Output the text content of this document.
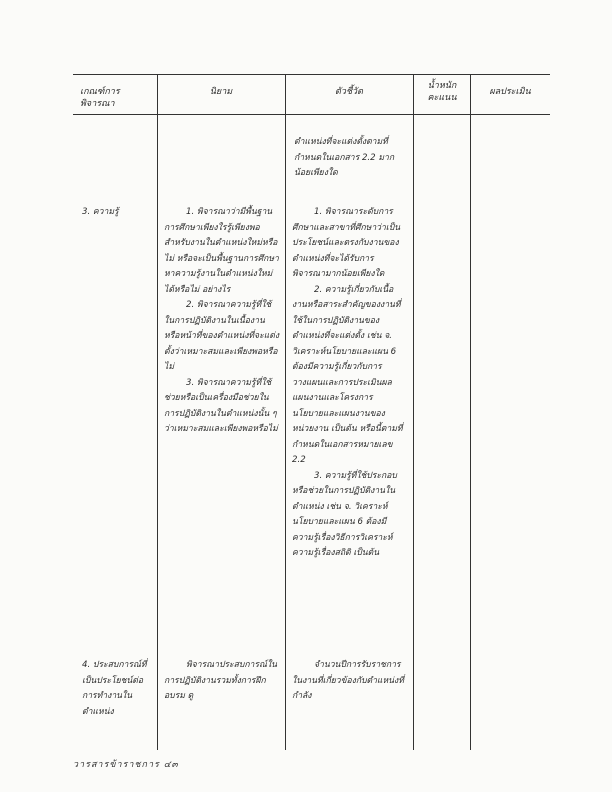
เกณฑ์การพิจารณา
นิยาม	ตัวชี้วัด
น้ำหนักคะแนน
ผลประเมิน

ตำแหน่งที่จะแต่งตั้งตามที่กำหนดในเอกสาร 2.2 มากน้อยเพียงใด

3. ความรู้	1. พิจารณาว่ามีพื้นฐานการศึกษาเพียงใรรู้เพียงพอสำหรับงานในตำแหน่งใหม่หรือไม่ หรือจะเป็นพื้นฐานการศึกษาหาความรู้งานในตำแหน่งใหม่ได้หรือไม่ อย่างไร

2. พิจารณาความรู้ที่ใช้ในการปฏิบัติงานในเนื้องานหรือหน้าที่ของตำแหน่งที่จะแต่งตั้งว่าเหมาะสมและเพียงพอหรือไม่

3. พิจารณาความรู้ที่ใช้ช่วยหรือเป็นเครื่องมือช่วยในการปฏิบัติงานในตำแหน่งนั้น ๆ ว่าเหมาะสมและเพียงพอหรือไม่

1. พิจารณาระดับการศึกษาและสาขาที่ศึกษาว่าเป็นประโยชน์และตรงกับงานของตำแหน่งที่จะได้รับการพิจารณามากน้อยเพียงใด

2. ความรู้เกี่ยวกับเนื้องานหรือสาระสำคัญของงานที่ใช้ในการปฏิบัติงานของตำแหน่งที่จะแต่งตั้ง เช่น จ. วิเคราะห์นโยบายและแผน 6 ต้องมีความรู้เกี่ยวกับการวางแผนและการประเมินผลแผนงานและโครงการ นโยบายและแผนงานของหน่วยงาน เป็นต้น หรือนี้ตามที่กำหนดในเอกสารหมายเลข 2.2

3. ความรู้ที่ใช้ประกอบ หรือช่วยในการปฏิบัติงานในตำแหน่ง เช่น จ. วิเคราะห์นโยบายและแผน 6 ต้องมีความรู้เรื่องวิธีการวิเคราะห์ ความรู้เรื่องสถิติ เป็นต้น

4. ประสบการณ์ที่เป็นประโยชน์ต่อการทำงานในตำแหน่ง

พิจารณาประสบการณ์ในการปฏิบัติงานรวมทั้งการฝึกอบรม ดู

จำนวนปีการรับราชการในงานที่เกี่ยวข้องกับตำแหน่งที่กำลัง

วารสารข้าราชการ ๔๓
